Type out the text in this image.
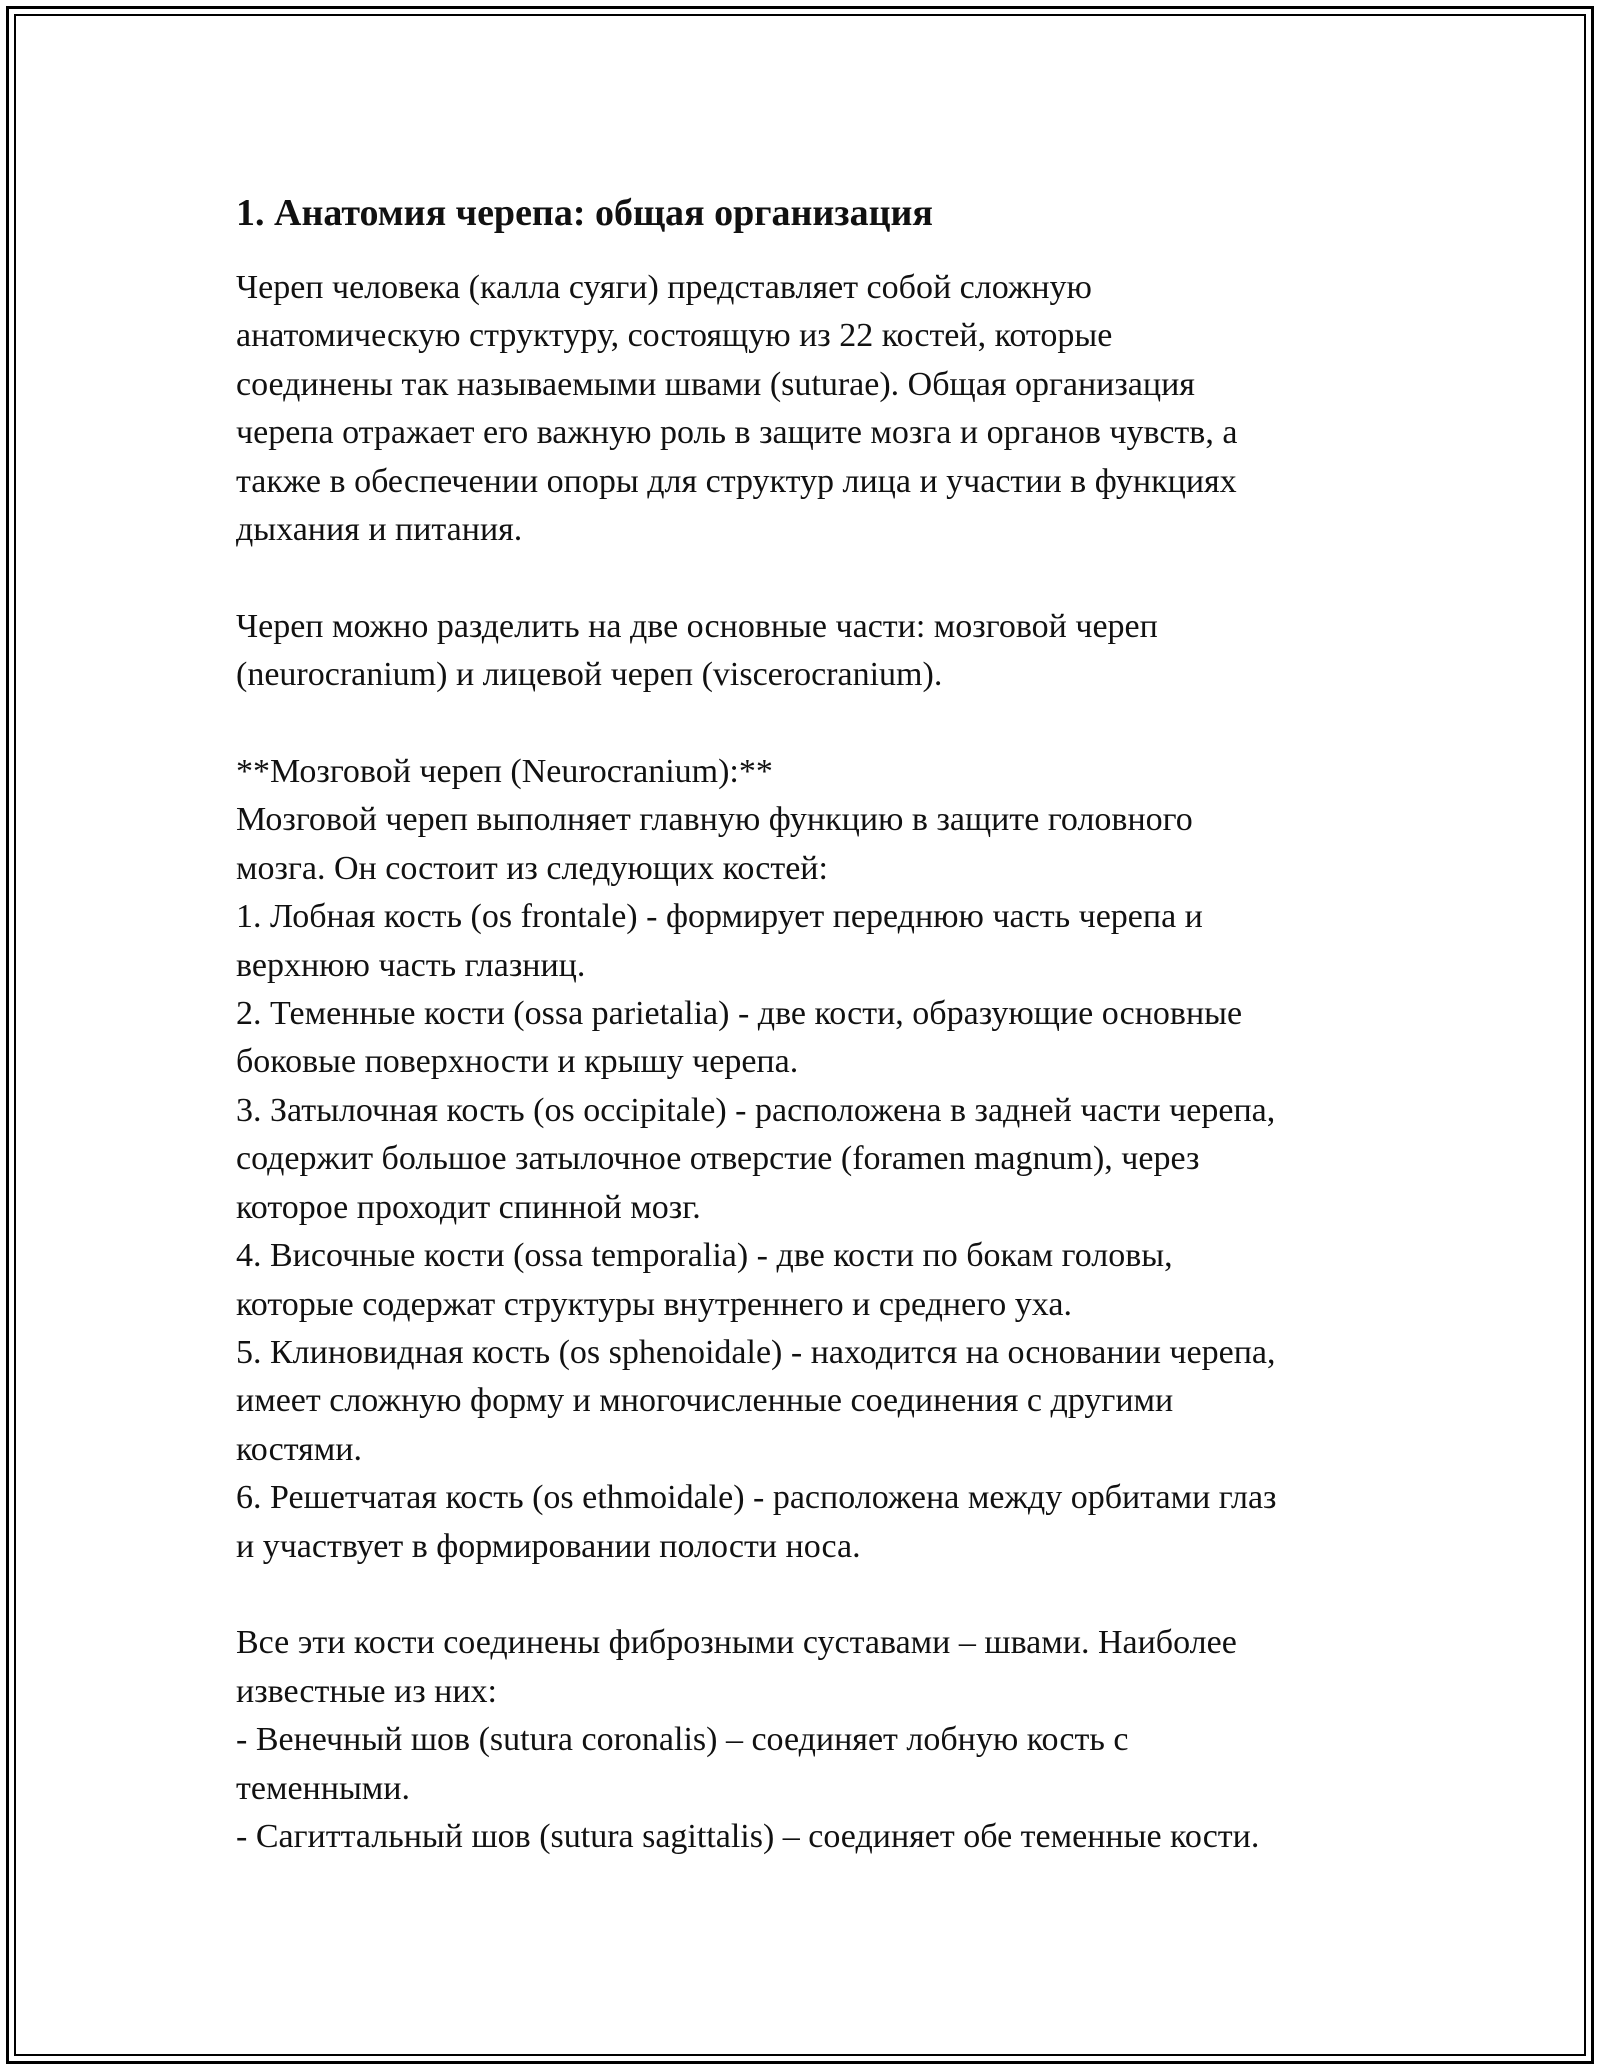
1. Анатомия черепа: общая организация
Череп человека (калла суяги) представляет собой сложную
анатомическую структуру, состоящую из 22 костей, которые
соединены так называемыми швами (suturae). Общая организация
черепа отражает его важную роль в защите мозга и органов чувств, а
также в обеспечении опоры для структур лица и участии в функциях
дыхания и питания.
Череп можно разделить на две основные части: мозговой череп
(neurocranium) и лицевой череп (viscerocranium).
**Мозговой череп (Neurocranium):**
Мозговой череп выполняет главную функцию в защите головного
мозга. Он состоит из следующих костей:
1. Лобная кость (os frontale) - формирует переднюю часть черепа и
верхнюю часть глазниц.
2. Теменные кости (ossa parietalia) - две кости, образующие основные
боковые поверхности и крышу черепа.
3. Затылочная кость (os occipitale) - расположена в задней части черепа,
содержит большое затылочное отверстие (foramen magnum), через
которое проходит спинной мозг.
4. Височные кости (ossa temporalia) - две кости по бокам головы,
которые содержат структуры внутреннего и среднего уха.
5. Клиновидная кость (os sphenoidale) - находится на основании черепа,
имеет сложную форму и многочисленные соединения с другими
костями.
6. Решетчатая кость (os ethmoidale) - расположена между орбитами глаз
и участвует в формировании полости носа.
Все эти кости соединены фиброзными суставами – швами. Наиболее
известные из них:
- Венечный шов (sutura coronalis) – соединяет лобную кость с
теменными.
- Сагиттальный шов (sutura sagittalis) – соединяет обе теменные кости.
